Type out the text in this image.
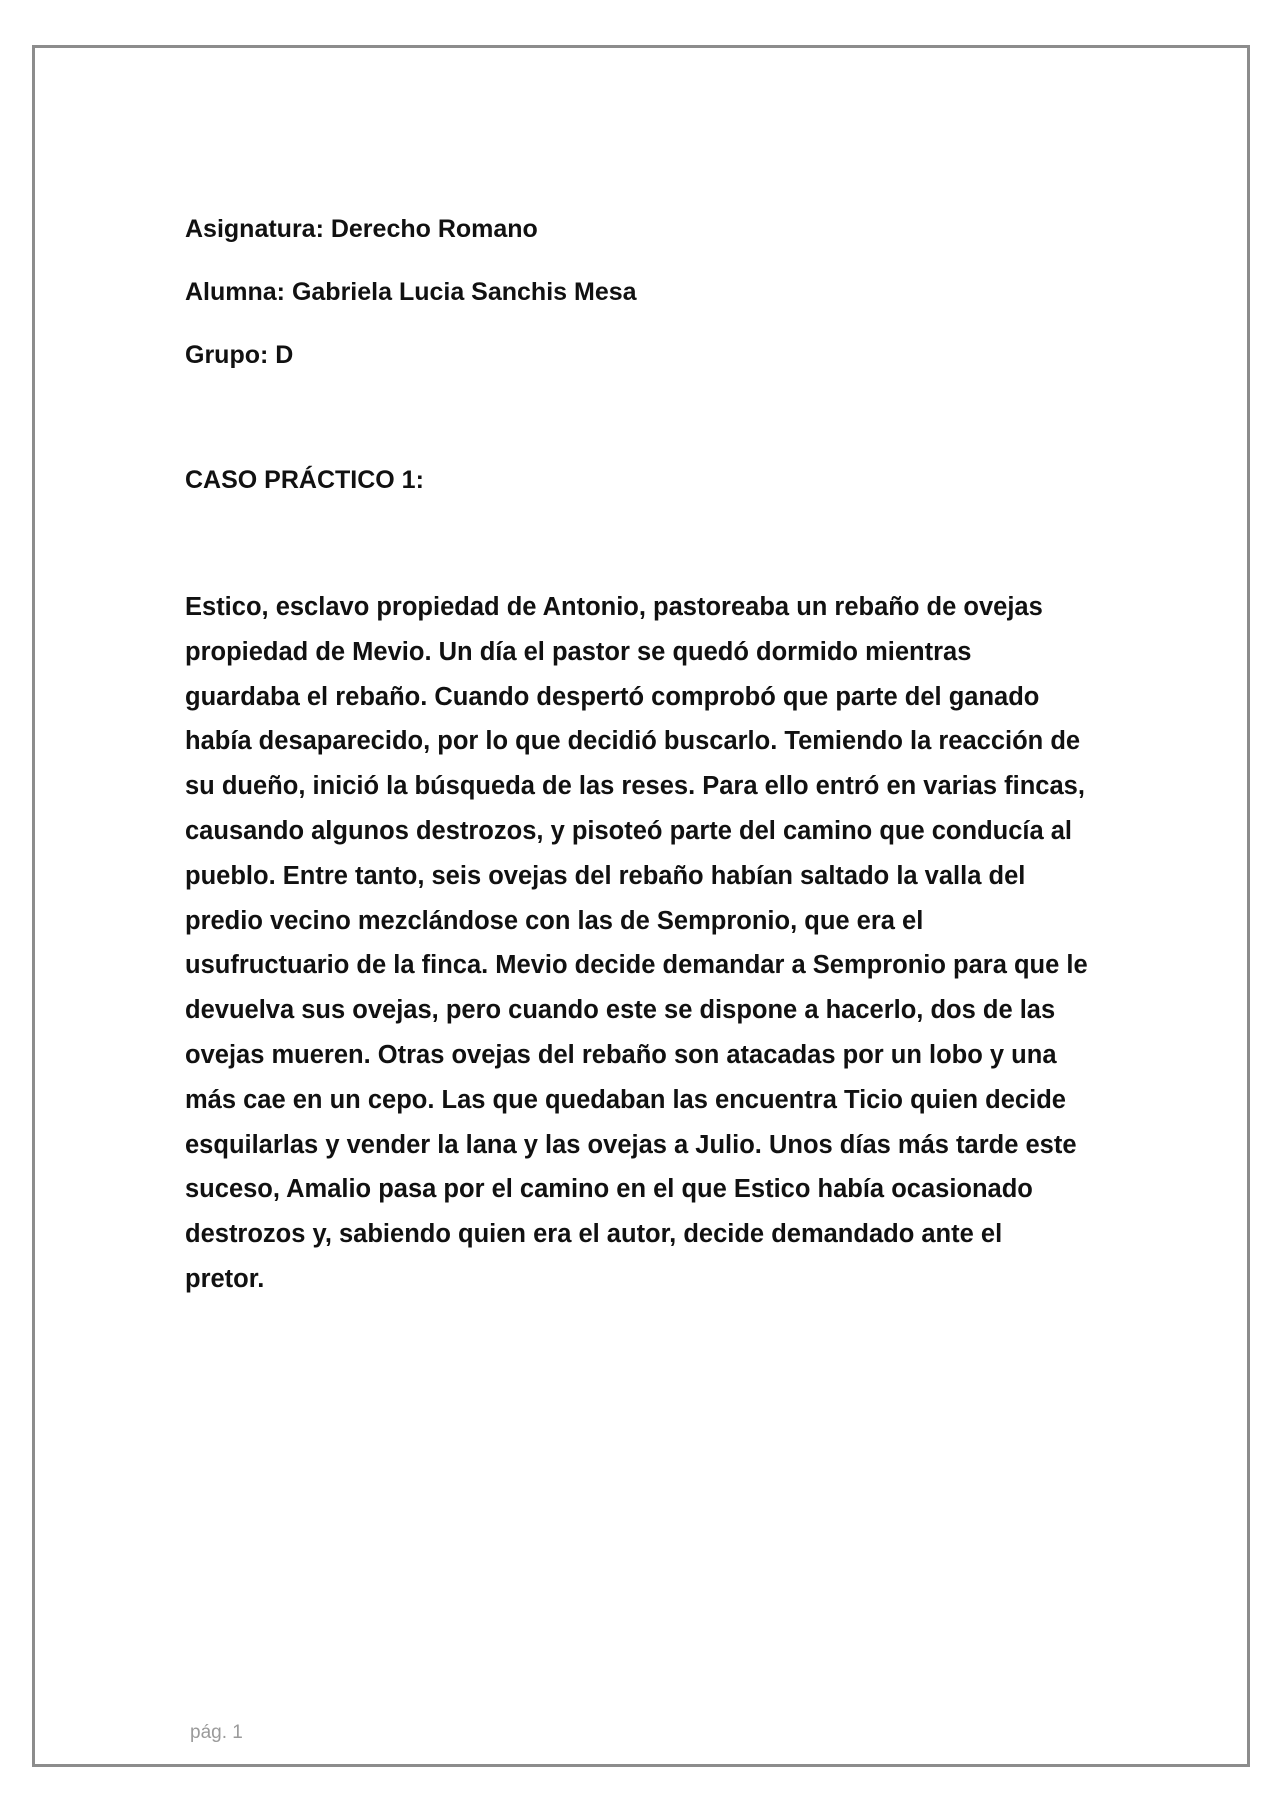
Asignatura: Derecho Romano
Alumna: Gabriela Lucia Sanchis Mesa
Grupo: D
CASO PRÁCTICO 1:
Estico, esclavo propiedad de Antonio, pastoreaba un rebaño de ovejas
propiedad de Mevio. Un día el pastor se quedó dormido mientras
guardaba el rebaño. Cuando despertó comprobó que parte del ganado
había desaparecido, por lo que decidió buscarlo. Temiendo la reacción de
su dueño, inició la búsqueda de las reses. Para ello entró en varias fincas,
causando algunos destrozos, y pisoteó parte del camino que conducía al
pueblo. Entre tanto, seis ovejas del rebaño habían saltado la valla del
predio vecino mezclándose con las de Sempronio, que era el
usufructuario de la finca. Mevio decide demandar a Sempronio para que le
devuelva sus ovejas, pero cuando este se dispone a hacerlo, dos de las
ovejas mueren. Otras ovejas del rebaño son atacadas por un lobo y una
más cae en un cepo. Las que quedaban las encuentra Ticio quien decide
esquilarlas y vender la lana y las ovejas a Julio. Unos días más tarde este
suceso, Amalio pasa por el camino en el que Estico había ocasionado
destrozos y, sabiendo quien era el autor, decide demandado ante el
pretor.
pág. 1
